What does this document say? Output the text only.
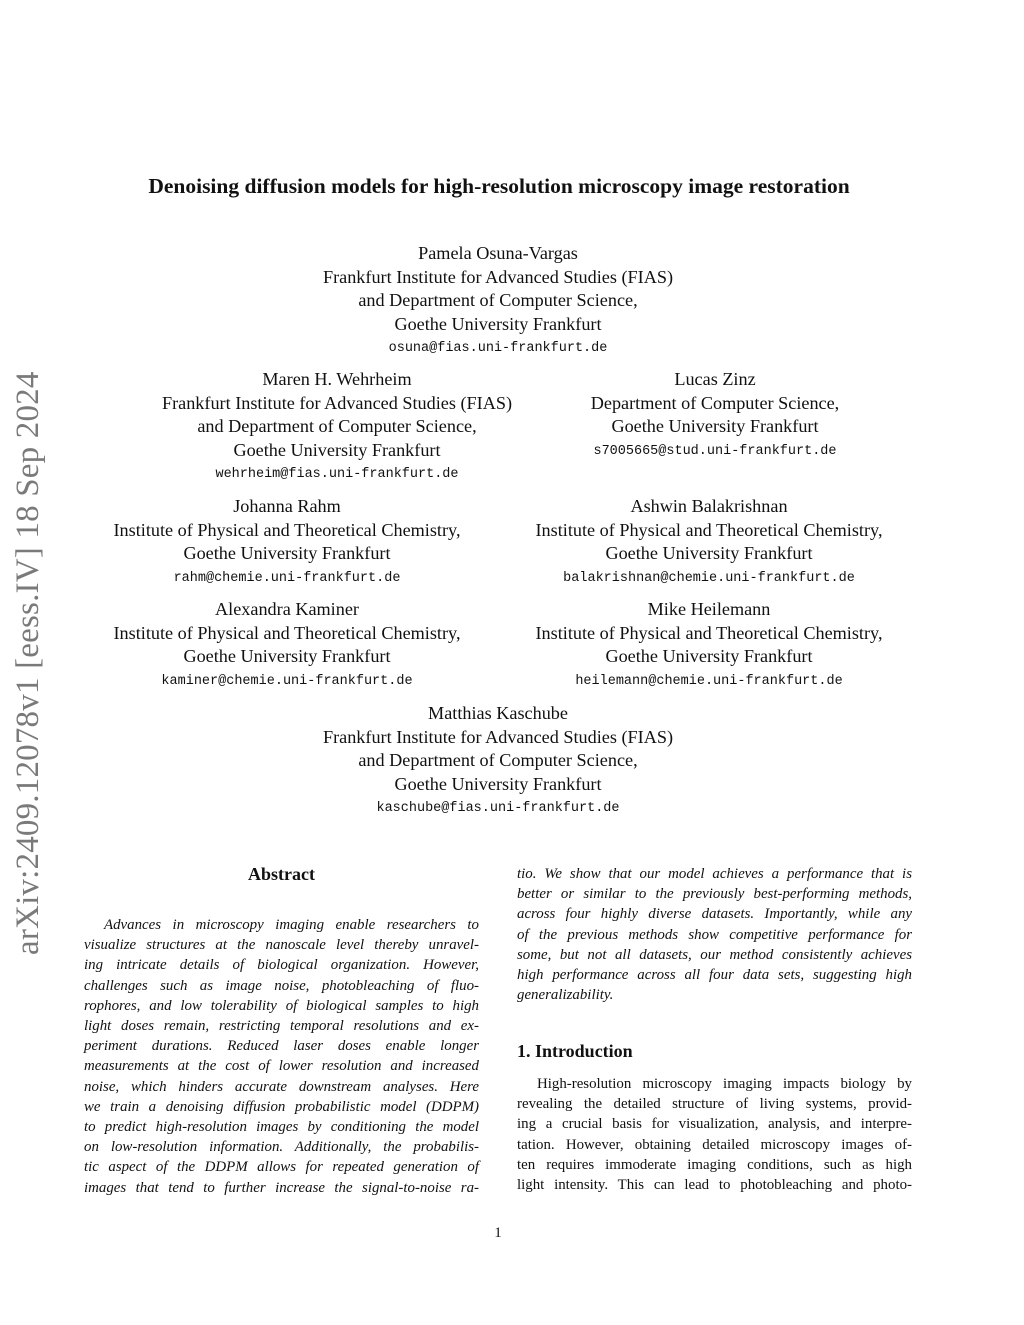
arXiv:2409.12078v1 [eess.IV] 18 Sep 2024
Denoising diffusion models for high-resolution microscopy image restoration
Pamela Osuna-Vargas
Frankfurt Institute for Advanced Studies (FIAS)
and Department of Computer Science,
Goethe University Frankfurt
osuna@fias.uni-frankfurt.de
Maren H. Wehrheim
Frankfurt Institute for Advanced Studies (FIAS)
and Department of Computer Science,
Goethe University Frankfurt
wehrheim@fias.uni-frankfurt.de
Lucas Zinz
Department of Computer Science,
Goethe University Frankfurt
s7005665@stud.uni-frankfurt.de
Johanna Rahm
Institute of Physical and Theoretical Chemistry,
Goethe University Frankfurt
rahm@chemie.uni-frankfurt.de
Ashwin Balakrishnan
Institute of Physical and Theoretical Chemistry,
Goethe University Frankfurt
balakrishnan@chemie.uni-frankfurt.de
Alexandra Kaminer
Institute of Physical and Theoretical Chemistry,
Goethe University Frankfurt
kaminer@chemie.uni-frankfurt.de
Mike Heilemann
Institute of Physical and Theoretical Chemistry,
Goethe University Frankfurt
heilemann@chemie.uni-frankfurt.de
Matthias Kaschube
Frankfurt Institute for Advanced Studies (FIAS)
and Department of Computer Science,
Goethe University Frankfurt
kaschube@fias.uni-frankfurt.de
Abstract
Advances in microscopy imaging enable researchers to
visualize structures at the nanoscale level thereby unravel-
ing intricate details of biological organization. However,
challenges such as image noise, photobleaching of fluo-
rophores, and low tolerability of biological samples to high
light doses remain, restricting temporal resolutions and ex-
periment durations. Reduced laser doses enable longer
measurements at the cost of lower resolution and increased
noise, which hinders accurate downstream analyses. Here
we train a denoising diffusion probabilistic model (DDPM)
to predict high-resolution images by conditioning the model
on low-resolution information. Additionally, the probabilis-
tic aspect of the DDPM allows for repeated generation of
images that tend to further increase the signal-to-noise ra-
tio. We show that our model achieves a performance that is
better or similar to the previously best-performing methods,
across four highly diverse datasets. Importantly, while any
of the previous methods show competitive performance for
some, but not all datasets, our method consistently achieves
high performance across all four data sets, suggesting high
generalizability.
1. Introduction
High-resolution microscopy imaging impacts biology by
revealing the detailed structure of living systems, provid-
ing a crucial basis for visualization, analysis, and interpre-
tation. However, obtaining detailed microscopy images of-
ten requires immoderate imaging conditions, such as high
light intensity. This can lead to photobleaching and photo-
1
